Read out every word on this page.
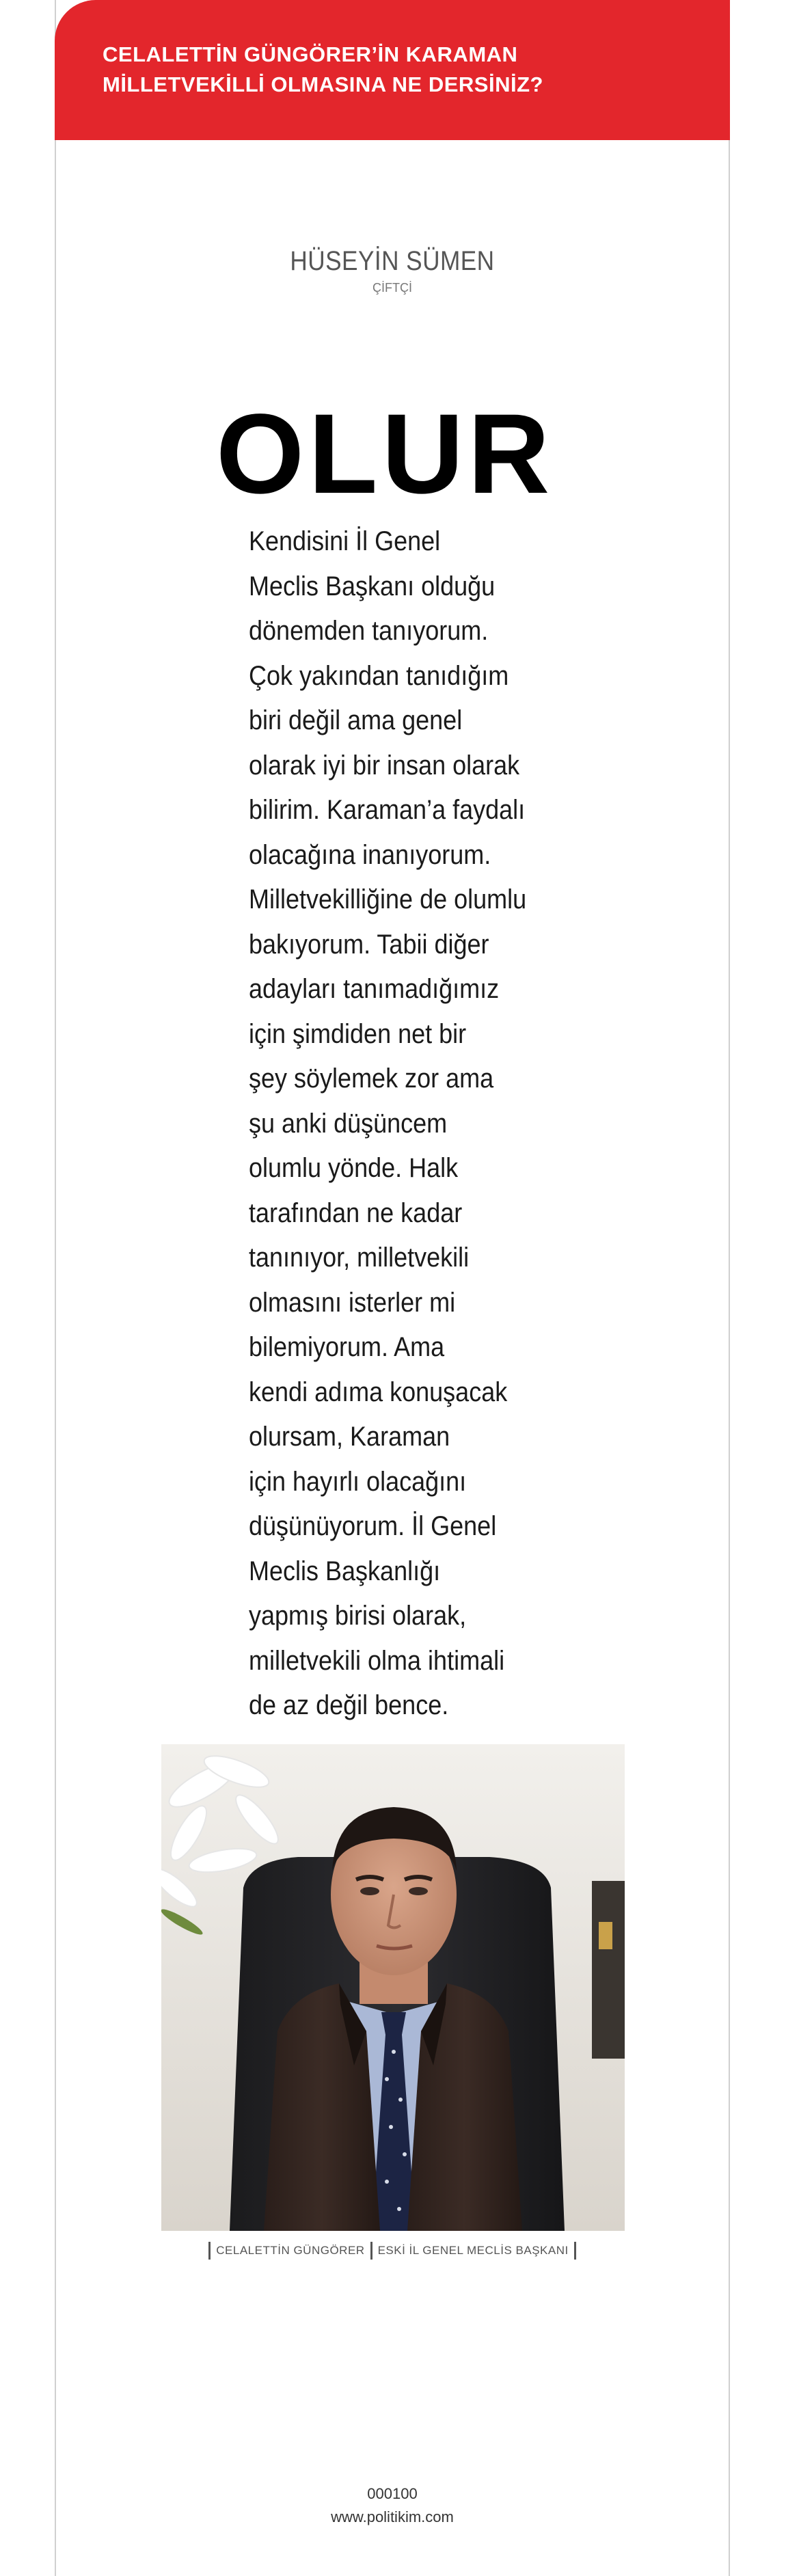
CELALETTİN GÜNGÖRER’İN KARAMAN
MİLLETVEKİLLİ OLMASINA NE DERSİNİZ?
HÜSEYİN SÜMEN
ÇİFTÇİ
OLUR
Kendisini İl Genel
Meclis Başkanı olduğu
dönemden tanıyorum.
Çok yakından tanıdığım
biri değil ama genel
olarak iyi bir insan olarak
bilirim. Karaman’a faydalı
olacağına inanıyorum.
Milletvekilliğine de olumlu
bakıyorum. Tabii diğer
adayları tanımadığımız
için şimdiden net bir
şey söylemek zor ama
şu anki düşüncem
olumlu yönde. Halk
tarafından ne kadar
tanınıyor, milletvekili
olmasını isterler mi
bilemiyorum. Ama
kendi adıma konuşacak
olursam, Karaman
için hayırlı olacağını
düşünüyorum. İl Genel
Meclis Başkanlığı
yapmış birisi olarak,
milletvekili olma ihtimali
de az değil bence.
CELALETTİN GÜNGÖRER ESKİ İL GENEL MECLİS BAŞKANI
000100
www.politikim.com
